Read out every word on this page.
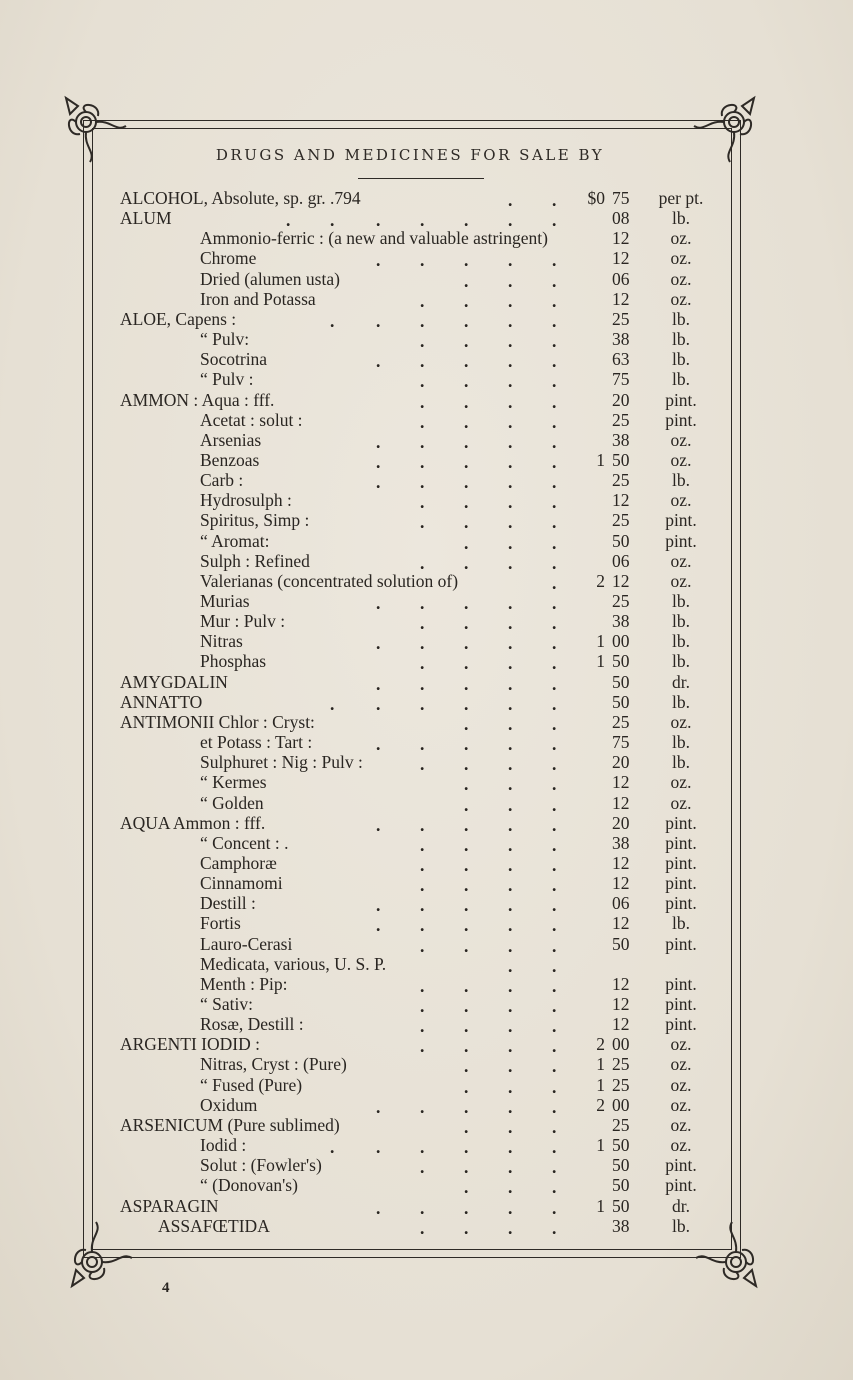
DRUGS AND MEDICINES FOR SALE BY
ALCOHOL, Absolute, sp. gr. .794	. .	$0 75	per pt.
ALUM	. . . . . . .	08	lb.
Ammonio-ferric : (a new and valuable astringent)	12	oz.
Chrome	. . . . .	12	oz.
Dried (alumen usta)	. . .	06	oz.
Iron and Potassa	. . . .	12	oz.
ALOE, Capens :	. . . . . .	25	lb.
“ Pulv:	. . . .	38	lb.
Socotrina	. . . . .	63	lb.
“ Pulv :	. . . .	75	lb.
AMMON : Aqua : fff.	. . . .	20	pint.
Acetat : solut :	. . . .	25	pint.
Arsenias	. . . . .	38	oz.
Benzoas	. . . . .	1 50	oz.
Carb :	. . . . .	25	lb.
Hydrosulph :	. . . .	12	oz.
Spiritus, Simp :	. . . .	25	pint.
“ Aromat:	. . .	50	pint.
Sulph : Refined	. . . .	06	oz.
Valerianas (concentrated solution of)	.	2 12	oz.
Murias	. . . . .	25	lb.
Mur : Pulv :	. . . .	38	lb.
Nitras	. . . . .	1 00	lb.
Phosphas	. . . .	1 50	lb.
AMYGDALIN	. . . . .	50	dr.
ANNATTO	. . . . . .	50	lb.
ANTIMONII Chlor : Cryst:	. . .	25	oz.
et Potass : Tart :	. . . . .	75	lb.
Sulphuret : Nig : Pulv :	. . . .	20	lb.
“ Kermes	. . .	12	oz.
“ Golden	. . .	12	oz.
AQUA Ammon : fff.	. . . . .	20	pint.
“ Concent : .	. . . .	38	pint.
Camphoræ	. . . .	12	pint.
Cinnamomi	. . . .	12	pint.
Destill :	. . . . .	06	pint.
Fortis	. . . . .	12	lb.
Lauro-Cerasi	. . . .	50	pint.
Medicata, various, U. S. P.	. .
Menth : Pip:	. . . .	12	pint.
“ Sativ:	. . . .	12	pint.
Rosæ, Destill :	. . . .	12	pint.
ARGENTI IODID :	. . . .	2 00	oz.
Nitras, Cryst : (Pure)	. . .	1 25	oz.
“ Fused (Pure)	. . .	1 25	oz.
Oxidum	. . . . .	2 00	oz.
ARSENICUM (Pure sublimed)	. . .	25	oz.
Iodid :	. . . . . .	1 50	oz.
Solut : (Fowler's)	. . . .	50	pint.
“ (Donovan's)	. . .	50	pint.
ASPARAGIN	. . . . .	1 50	dr.
ASSAFŒTIDA	. . . .	38	lb.
4
